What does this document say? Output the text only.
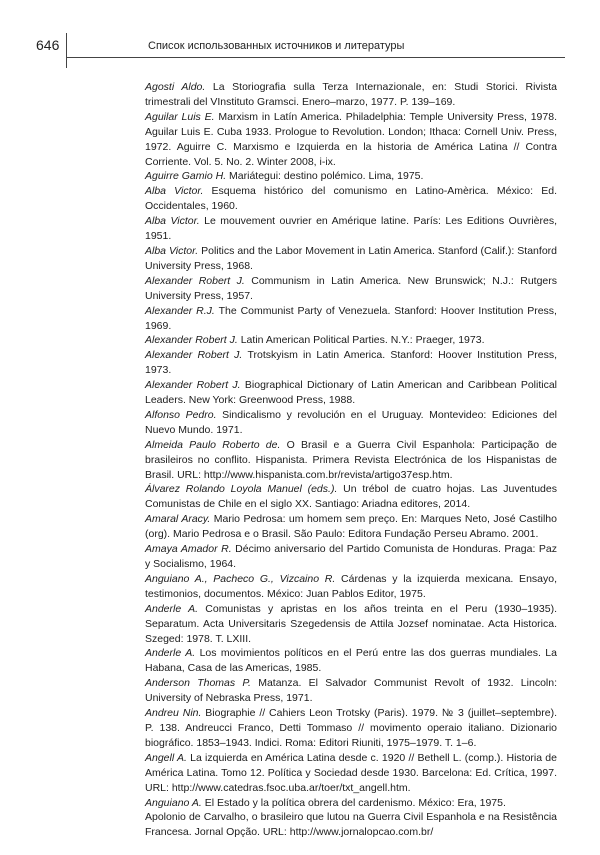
646	Список использованных источников и литературы

Agosti Aldo. La Storiografia sulla Terza Internazionale, en: Studi Storici. Rivista trimestrali del VInstituto Gramsci. Enero–marzo, 1977. P. 139–169.

Aguilar Luis E. Marxism in Latín America. Philadelphia: Temple University Press, 1978. Aguilar Luis E. Cuba 1933. Prologue to Revolution. London; Ithaca: Cornell Univ. Press, 1972. Aguirre C. Marxismo e Izquierda en la historia de América Latina // Contra Corriente. Vol. 5. No. 2. Winter 2008, i-ix.

Aguirre Gamio H. Mariátegui: destino polémico. Lima, 1975.

Alba Victor. Esquema histórico del comunismo en Latino-Amèrica. México: Ed. Occidentales, 1960.

Alba Victor. Le mouvement ouvrier en Amérique latine. París: Les Editions Ouvrières, 1951.

Alba Victor. Politics and the Labor Movement in Latin America. Stanford (Calif.): Stanford University Press, 1968.

Alexander Robert J. Communism in Latin America. New Brunswick; N.J.: Rutgers University Press, 1957.

Alexander R.J. The Communist Party of Venezuela. Stanford: Hoover Institution Press, 1969.

Alexander Robert J. Latin American Political Parties. N.Y.: Praeger, 1973.

Alexander Robert J. Trotskyism in Latin America. Stanford: Hoover Institution Press, 1973.

Alexander Robert J. Biographical Dictionary of Latin American and Caribbean Political Leaders. New York: Greenwood Press, 1988.

Alfonso Pedro. Sindicalismo y revolución en el Uruguay. Montevideo: Ediciones del Nuevo Mundo. 1971.

Almeida Paulo Roberto de. O Brasil e a Guerra Civil Espanhola: Participação de brasileiros no conflito. Hispanista. Primera Revista Electrónica de los Hispanistas de Brasil. URL: http://www.hispanista.com.br/revista/artigo37esp.htm.

Álvarez Rolando Loyola Manuel (eds.). Un trébol de cuatro hojas. Las Juventudes Comunistas de Chile en el siglo XX. Santiago: Ariadna editores, 2014.

Amaral Aracy. Mario Pedrosa: um homem sem preço. En: Marques Neto, José Castilho (org). Mario Pedrosa e o Brasil. São Paulo: Editora Fundação Perseu Abramo. 2001.

Amaya Amador R. Décimo aniversario del Partido Comunista de Honduras. Praga: Paz y Socialismo, 1964.

Anguiano A., Pacheco G., Vizcaino R. Cárdenas y la izquierda mexicana. Ensayo, testimonios, documentos. México: Juan Pablos Editor, 1975.

Anderle A. Comunistas y apristas en los años treinta en el Peru (1930–1935). Separatum. Acta Universitaris Szegedensis de Attila Jozsef nominatae. Acta Historica. Szeged: 1978. T. LXIII.

Anderle A. Los movimientos políticos en el Perú entre las dos guerras mundiales. La Habana, Casa de las Americas, 1985.

Anderson Thomas P. Matanza. El Salvador Communist Revolt of 1932. Lincoln: University of Nebraska Press, 1971.

Andreu Nin. Biographie // Cahiers Leon Trotsky (Paris). 1979. № 3 (juillet–septembre). P. 138. Andreucci Franco, Detti Tommaso // movimento operaio italiano. Dizionario biográfico. 1853–1943. Indici. Roma: Editori Riuniti, 1975–1979. T. 1–6.

Angell A. La izquierda en América Latina desde c. 1920 // Bethell L. (comp.). Historia de América Latina. Tomo 12. Política y Sociedad desde 1930. Barcelona: Ed. Crítica, 1997. URL: http://www.catedras.fsoc.uba.ar/toer/txt_angell.htm.

Anguiano A. El Estado y la política obrera del cardenismo. México: Era, 1975.

Apolonio de Carvalho, o brasileiro que lutou na Guerra Civil Espanhola e na Resistência Francesa. Jornal Opção. URL: http://www.jornalopcao.com.br/
